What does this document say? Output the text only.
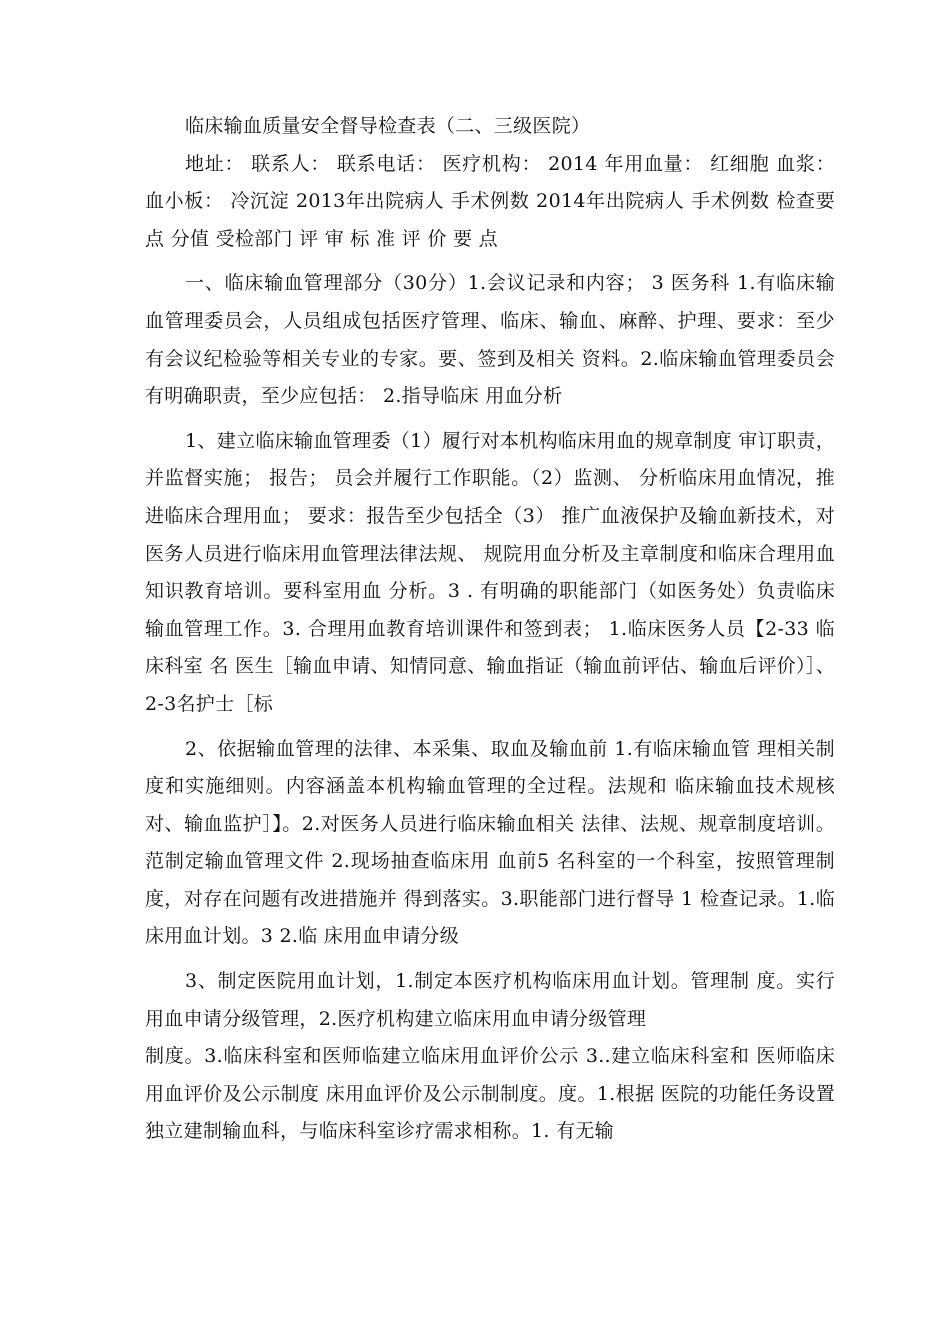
临床输血质量安全督导检查表（二、三级医院）

地址： 联系人： 联系电话： 医疗机构： 2014 年用血量： 红细胞 血浆： 血小板： 冷沉淀 2013年出院病人 手术例数 2014年出院病人 手术例数 检查要点 分值 受检部门 评 审 标 准 评 价 要 点

一、临床输血管理部分（30分）1.会议记录和内容； 3 医务科 1.有临床输血管理委员会，人员组成包括医疗管理、临床、输血、麻醉、护理、要求：至少有会议纪检验等相关专业的专家。要、签到及相关 资料。2.临床输血管理委员会有明确职责，至少应包括： 2.指导临床 用血分析

1、建立临床输血管理委（1）履行对本机构临床用血的规章制度 审订职责，并监督实施； 报告； 员会并履行工作职能。（2）监测、 分析临床用血情况，推进临床合理用血； 要求：报告至少包括全（3） 推广血液保护及输血新技术，对医务人员进行临床用血管理法律法规、 规院用血分析及主章制度和临床合理用血知识教育培训。要科室用血 分析。3 . 有明确的职能部门（如医务处）负责临床输血管理工作。3. 合理用血教育培训课件和签到表； 1.临床医务人员【2-33 临床科室 名 医生［输血申请、知情同意、输血指证（输血前评估、输血后评价）］、 2-3名护士［标

2、依据输血管理的法律、本采集、取血及输血前 1.有临床输血管 理相关制度和实施细则。内容涵盖本机构输血管理的全过程。法规和 临床输血技术规核对、输血监护］】。2.对医务人员进行临床输血相关 法律、法规、规章制度培训。范制定输血管理文件 2.现场抽查临床用 血前5 名科室的一个科室，按照管理制度，对存在问题有改进措施并 得到落实。3.职能部门进行督导 1 检查记录。1.临床用血计划。3 2.临 床用血申请分级

3、制定医院用血计划，1.制定本医疗机构临床用血计划。管理制 度。实行用血申请分级管理，2.医疗机构建立临床用血申请分级管理

制度。3.临床科室和医师临建立临床用血评价公示 3..建立临床科室和 医师临床用血评价及公示制度 床用血评价及公示制制度。度。1.根据 医院的功能任务设置独立建制输血科，与临床科室诊疗需求相称。1. 有无输
